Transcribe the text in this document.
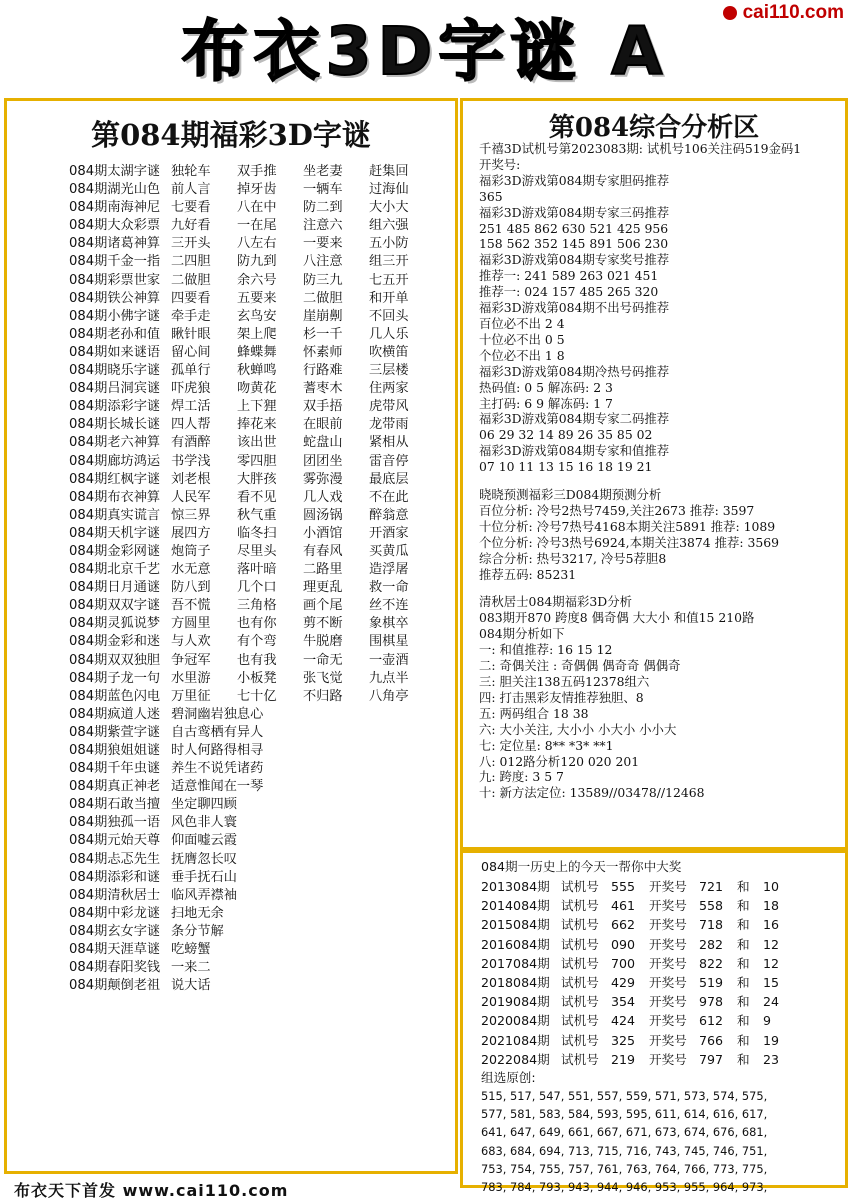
cai110.com
布衣3D字谜 A
第084期福彩3D字谜
084期太湖字谜 独轮车	双手推	坐老妻	赶集回
084期湖光山色 前人言	掉牙齿	一辆车	过海仙
084期南海神尼 七要看	八在中	防二到	大小大
084期大众彩票 九好看	一在尾	注意六	组六强
084期诸葛神算 三开头	八左右	一要来	五小防
084期千金一指 二四胆	防九到	八注意	组三开
084期彩票世家 二做胆	余六号	防三九	七五开
084期铁公神算 四要看	五要来	二做胆	和开单
084期小佛字谜 牵手走	玄鸟安	崖崩劓	不回头
084期老孙和值 瞅针眼	架上爬	杉一千	几人乐
084期如来谜语 留心间	蜂蝶舞	怀素师	吹横笛
084期晓乐字谜 孤单行	秋蝉鸣	行路难	三层楼
084期吕洞宾谜 吓虎狼	吻黄花	蓍枣木	住两家
084期添彩字谜 焊工活	上下狸	双手捂	虎带风
084期长城长谜 四人帮	捧花来	在眼前	龙带雨
084期老六神算 有酒醉	该出世	蛇盘山	紧相从
084期廊坊鸿运 书学浅	零四胆	团团坐	雷音停
084期红枫字谜 刘老根	大胖孩	雾弥漫	最底层
084期布衣神算 人民军	看不见	几人戏	不在此
084期真实谎言 惊三界	秋气重	圆汤锅	醉翁意
084期天机字谜 展四方	临冬扫	小酒馆	开酒家
084期金彩网谜 炮筒子	尽里头	有春风	买黄瓜
084期北京千艺 水无意	落叶暗	二路里	造浮屠
084期日月通谜 防八到	几个口	理更乱	救一命
084期双双字谜 吾不慌	三角格	画个尾	丝不连
084期灵狐说梦 方圆里	也有你	剪不断	象棋卒
084期金彩和迷 与人欢	有个弯	牛脱磨	围棋星
084期双双独胆 争冠军	也有我	一命无	一壶酒
084期子龙一句 水里游	小板凳	张飞觉	九点半
084期蓝色闪电 万里征	七十亿	不归路	八角亭
084期疯道人迷 碧洞幽岩独息心
084期紫萱字谜 自古鸾栖有异人
084期狼姐姐谜 时人何路得相寻
084期千年虫谜 养生不说凭诸药
084期真正神老 适意惟闻在一琴
084期石敢当擅 坐定聊四顾
084期独孤一语 风色非人寰
084期元始天尊 仰面嘘云霞
084期忐忑先生 抚膺忽长叹
084期添彩和谜 垂手抚石山
084期清秋居士 临风弄襟袖
084期中彩龙谜 扫地无余
084期玄女字谜 条分节解
084期天涯草谜 吃螃蟹
084期春阳奖钱 一来二
084期颠倒老祖 说大话
第084综合分析区
千禧3D试机号第2023083期: 试机号106关注码519金码1
开奖号:
福彩3D游戏第084期专家胆码推荐
365
福彩3D游戏第084期专家三码推荐
251 485 862 630 521 425 956
158 562 352 145 891 506 230
福彩3D游戏第084期专家奖号推荐
推荐一: 241 589 263 021 451
推荐一: 024 157 485 265 320
福彩3D游戏第084期不出号码推荐
百位必不出 2 4
十位必不出 0 5
个位必不出 1 8
福彩3D游戏第084期冷热号码推荐
热码值: 0 5 解冻码: 2 3
主打码: 6 9 解冻码: 1 7
福彩3D游戏第084期专家二码推荐
06 29 32 14 89 26 35 85 02
福彩3D游戏第084期专家和值推荐
07 10 11 13 15 16 18 19 21
晓晓预测福彩三D084期预测分析
百位分析: 冷号2热号7459,关注2673 推荐: 3597
十位分析: 冷号7热号4168本期关注5891 推荐: 1089
个位分析: 冷号3热号6924,本期关注3874 推荐: 3569
综合分析: 热号3217, 冷号5荐胆8
推荐五码: 85231
清秋居士084期福彩3D分析
083期开870 跨度8 偶奇偶 大大小 和值15 210路
084期分析如下
一: 和值推荐: 16 15 12
二: 奇偶关注 : 奇偶偶 偶奇奇 偶偶奇
三: 胆关注138五码12378组六
四: 打击黑彩友情推荐独胆、8
五: 两码组合 18 38
六: 大小关注, 大小小 小大小 小小大
七: 定位星: 8** *3* **1
八: 012路分析120 020 201
九: 跨度: 3 5 7
十: 新方法定位: 13589//03478//12468
084期一历史上的今天一帮你中大奖
2013084期 试机号 555	开奖号 721	和	10
2014084期 试机号 461	开奖号 558	和	18
2015084期 试机号 662	开奖号 718	和	16
2016084期 试机号 090	开奖号 282	和	12
2017084期 试机号 700	开奖号 822	和	12
2018084期 试机号 429	开奖号 519	和	15
2019084期 试机号 354	开奖号 978	和	24
2020084期 试机号 424	开奖号 612	和	9
2021084期 试机号 325	开奖号 766	和	19
2022084期 试机号 219	开奖号 797	和	23
组选原创:
515, 517, 547, 551, 557, 559, 571, 573, 574, 575,
577, 581, 583, 584, 593, 595, 611, 614, 616, 617,
641, 647, 649, 661, 667, 671, 673, 674, 676, 681,
683, 684, 694, 713, 715, 716, 743, 745, 746, 751,
753, 754, 755, 757, 761, 763, 764, 766, 773, 775,
783, 784, 793, 943, 944, 946, 953, 955, 964, 973,
布衣天下首发 www.cai110.com
